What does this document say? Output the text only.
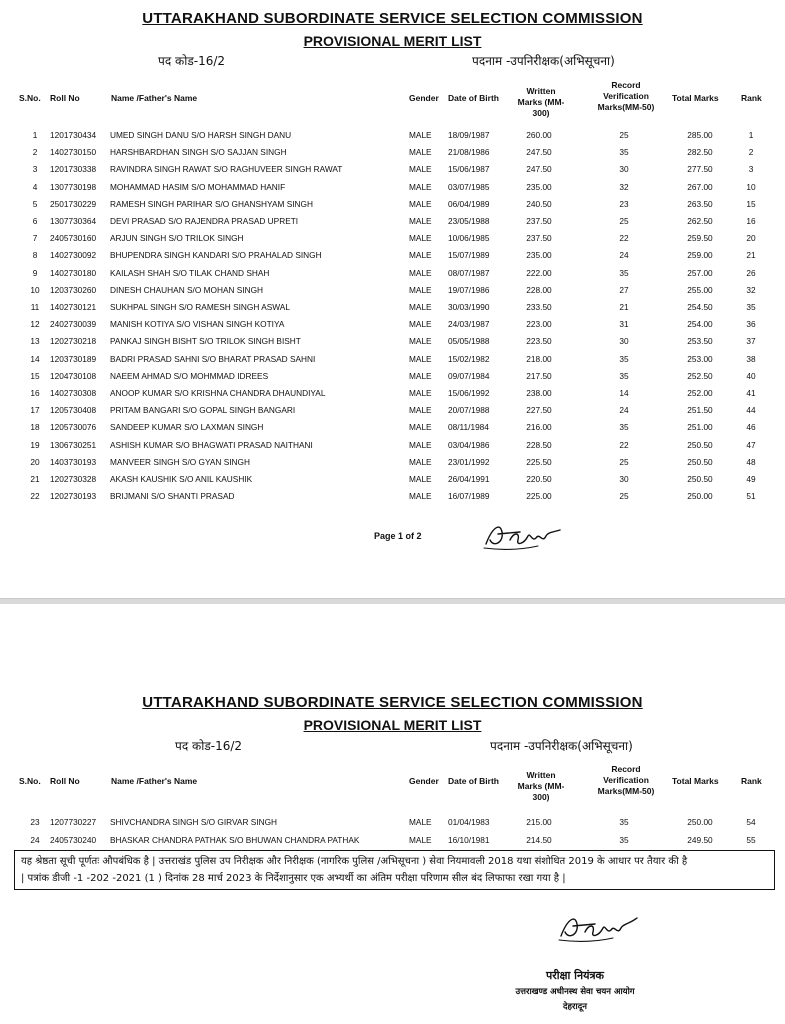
UTTARAKHAND SUBORDINATE SERVICE SELECTION COMMISSION
PROVISIONAL MERIT LIST
पद कोड-16/2	पदनाम -उपनिरीक्षक(अभिसूचना)
S.No. Roll No	Name /Father's Name	Gender Date of Birth
Written Marks (MM-300)
Record Verification Marks(MM-50)
Total Marks	Rank
1	1201730434 UMED SINGH DANU S/O HARSH SINGH DANU	MALE 18/09/1987	260.00	25	285.00	1
2	1402730150 HARSHBARDHAN SINGH S/O SAJJAN SINGH	MALE 21/08/1986	247.50	35	282.50	2
3	1201730338 RAVINDRA SINGH RAWAT S/O RAGHUVEER SINGH RAWAT	MALE 15/06/1987	247.50	30	277.50	3
4	1307730198 MOHAMMAD HASIM S/O MOHAMMAD HANIF	MALE 03/07/1985	235.00	32	267.00	10
5	2501730229 RAMESH SINGH PARIHAR S/O GHANSHYAM SINGH	MALE 06/04/1989	240.50	23	263.50	15
6	1307730364 DEVI PRASAD S/O RAJENDRA PRASAD UPRETI	MALE 23/05/1988	237.50	25	262.50	16
7	2405730160 ARJUN SINGH S/O TRILOK SINGH	MALE 10/06/1985	237.50	22	259.50	20
8	1402730092 BHUPENDRA SINGH KANDARI S/O PRAHALAD SINGH	MALE 15/07/1989	235.00	24	259.00	21
9	1402730180 KAILASH SHAH S/O TILAK CHAND SHAH	MALE 08/07/1987	222.00	35	257.00	26
10 1203730260 DINESH CHAUHAN S/O MOHAN SINGH	MALE 19/07/1986	228.00	27	255.00	32
11	1402730121 SUKHPAL SINGH S/O RAMESH SINGH ASWAL	MALE 30/03/1990	233.50	21	254.50	35
12 2402730039 MANISH KOTIYA S/O VISHAN SINGH KOTIYA	MALE 24/03/1987	223.00	31	254.00	36
13 1202730218 PANKAJ SINGH BISHT S/O TRILOK SINGH BISHT	MALE 05/05/1988	223.50	30	253.50	37
14 1203730189 BADRI PRASAD SAHNI S/O BHARAT PRASAD SAHNI	MALE 15/02/1982	218.00	35	253.00	38
15 1204730108 NAEEM AHMAD S/O MOHMMAD IDREES	MALE 09/07/1984	217.50	35	252.50	40
16 1402730308 ANOOP KUMAR S/O KRISHNA CHANDRA DHAUNDIYAL	MALE 15/06/1992	238.00	14	252.00	41
17 1205730408 PRITAM BANGARI S/O GOPAL SINGH BANGARI	MALE 20/07/1988	227.50	24	251.50	44
18 1205730076 SANDEEP KUMAR S/O LAXMAN SINGH	MALE 08/11/1984	216.00	35	251.00	46
19 1306730251 ASHISH KUMAR S/O BHAGWATI PRASAD NAITHANI	MALE 03/04/1986	228.50	22	250.50	47
20 1403730193 MANVEER SINGH S/O GYAN SINGH	MALE 23/01/1992	225.50	25	250.50	48
21 1202730328 AKASH KAUSHIK S/O ANIL KAUSHIK	MALE 26/04/1991	220.50	30	250.50	49
22 1202730193 BRIJMANI S/O SHANTI PRASAD	MALE 16/07/1989	225.00	25	250.00	51
Page 1 of 2
UTTARAKHAND SUBORDINATE SERVICE SELECTION COMMISSION
PROVISIONAL MERIT LIST
पद कोड-16/2	पदनाम -उपनिरीक्षक(अभिसूचना)
S.No. Roll No	Name /Father's Name	Gender Date of Birth
Written Marks (MM-300)
Record Verification Marks(MM-50)
Total Marks	Rank
23 1207730227 SHIVCHANDRA SINGH S/O GIRVAR SINGH	MALE 01/04/1983	215.00	35	250.00	54
24 2405730240 BHASKAR CHANDRA PATHAK S/O BHUWAN CHANDRA PATHAK	MALE 16/10/1981	214.50	35	249.50	55
यह श्रेष्ठता सूची पूर्णतः औपबंधिक है | उत्तराखंड पुलिस उप निरीक्षक और निरीक्षक (नागरिक पुलिस /अभिसूचना ) सेवा नियमावली 2018 यथा संशोधित 2019 के आधार पर तैयार की है
| पत्रांक डीजी -1 -202 -2021 (1 ) दिनांक 28 मार्च 2023 के निर्देशानुसार एक अभ्यर्थी का अंतिम परीक्षा परिणाम सील बंद लिफाफा रखा गया है |
परीक्षा नियंत्रक
उत्तराखण्ड अधीनस्थ सेवा चयन आयोग
देहरादून
